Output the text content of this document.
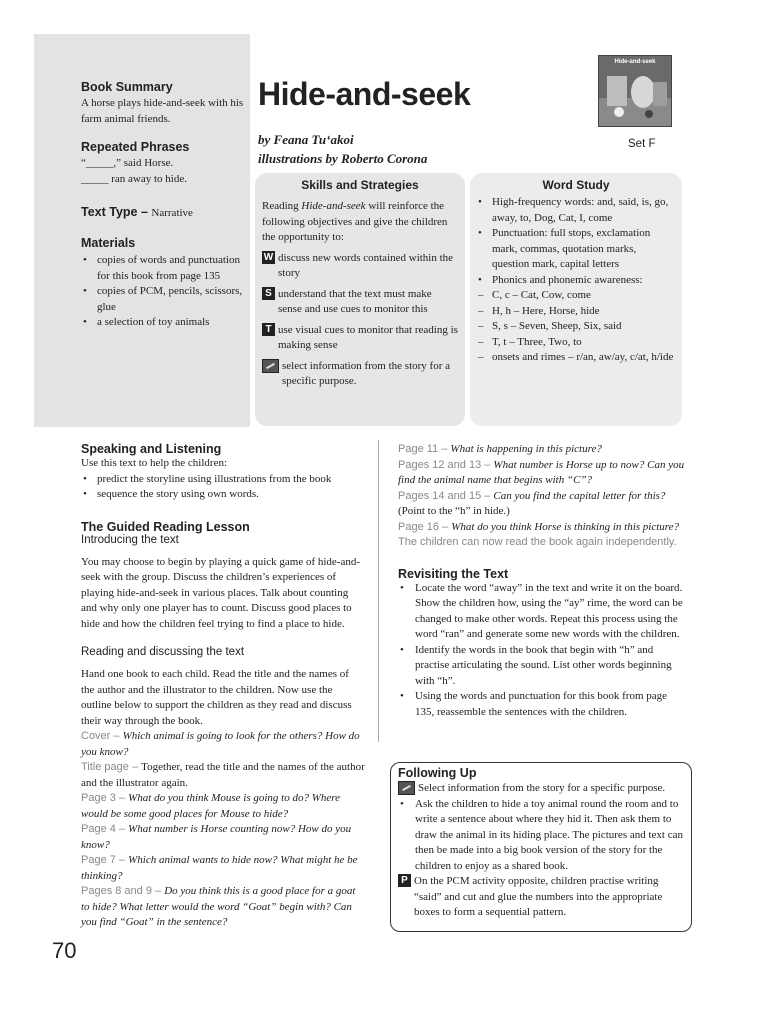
Book Summary

A horse plays hide-and-seek with his farm animal friends.

Repeated Phrases

“_____,” said Horse.

_____ ran away to hide.

Text Type – Narrative
Materials
• copies of words and punctuation for this book from page 135
• copies of PCM, pencils, scissors, glue
• a selection of toy animals
Hide-and-seek
by Feana Tu‘akoi
illustrations by Roberto Corona
Set F
Hide-and-seek
Skills and Strategies

Reading Hide-and-seek will reinforce the following objectives and give the children the opportunity to:

W discuss new words contained within the story
S understand that the text must make sense and use cues to monitor this
T use visual cues to monitor that reading is making sense
select information from the story for a specific purpose.
Word Study
• High-frequency words: and, said, is, go, away, to, Dog, Cat, I, come
• Punctuation: full stops, exclamation mark, commas, quotation marks, question mark, capital letters
• Phonics and phonemic awareness:
– C, c – Cat, Cow, come
– H, h – Here, Horse, hide
– S, s – Seven, Sheep, Six, said
– T, t – Three, Two, to
– onsets and rimes – r/an, aw/ay, c/at, h/ide
Speaking and Listening

Use this text to help the children:

• predict the storyline using illustrations from the book
• sequence the story using own words.
The Guided Reading Lesson
Introducing the text

You may choose to begin by playing a quick game of hide-and-seek with the group. Discuss the children’s experiences of playing hide-and-seek in various places. Talk about counting and why only one player has to count. Discuss good places to hide and how the children feel trying to find a place to hide.

Reading and discussing the text

Hand one book to each child. Read the title and the names of the author and the illustrator to the children. Now use the outline below to support the children as they read and discuss their way through the book.

Cover – Which animal is going to look for the others? How do you know?

Title page – Together, read the title and the names of the author and the illustrator again.

Page 3 – What do you think Mouse is going to do? Where would be some good places for Mouse to hide?

Page 4 – What number is Horse counting now? How do you know?

Page 7 – Which animal wants to hide now? What might he be thinking?

Pages 8 and 9 – Do you think this is a good place for a goat to hide? What letter would the word “Goat” begin with? Can you find “Goat” in the sentence?

70

Page 11 – What is happening in this picture?

Pages 12 and 13 – What number is Horse up to now? Can you find the animal name that begins with “C”?

Pages 14 and 15 – Can you find the capital letter for this? (Point to the “h” in hide.)

Page 16 – What do you think Horse is thinking in this picture?

The children can now read the book again independently.

Revisiting the Text
• Locate the word “away” in the text and write it on the board. Show the children how, using the “ay” rime, the word can be changed to make other words. Repeat this process using the word “ran” and generate some new words with the children.
• Identify the words in the book that begin with “h” and practise articulating the sound. List other words beginning with “h”.
• Using the words and punctuation for this book from page 135, reassemble the sentences with the children.
Following Up
Select information from the story for a specific purpose.
• Ask the children to hide a toy animal round the room and to write a sentence about where they hid it. Then ask them to draw the animal in its hiding place. The pictures and text can then be made into a big book version of the story for the children to enjoy as a shared book.
P On the PCM activity opposite, children practise writing “said” and cut and glue the numbers into the appropriate boxes to form a sequential pattern.
